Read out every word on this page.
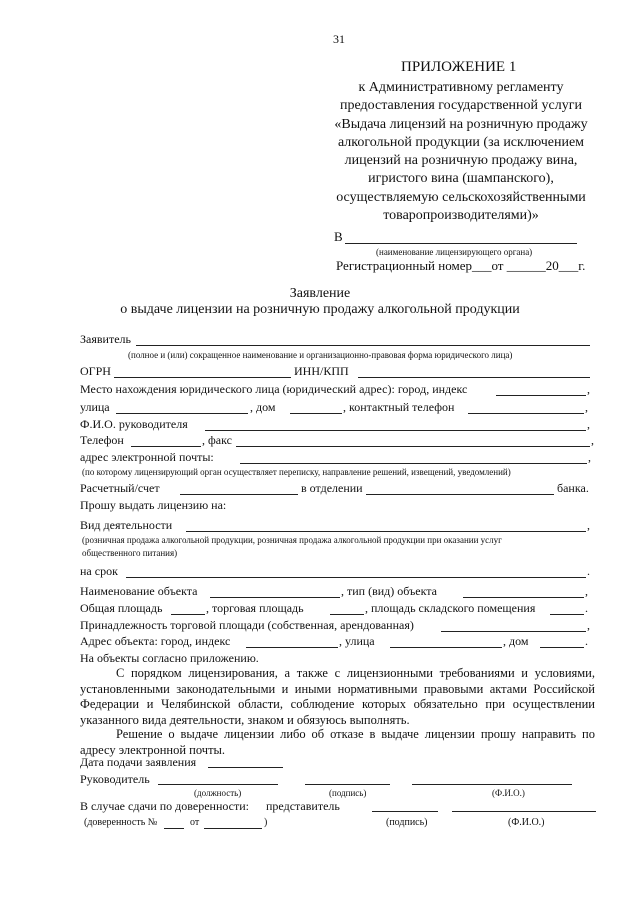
31
ПРИЛОЖЕНИЕ 1
к Административному регламенту
предоставления государственной услуги
«Выдача лицензий на розничную продажу
алкогольной продукции (за исключением
лицензий на розничную продажу вина,
игристого вина (шампанского),
осуществляемую сельскохозяйственными
товаропроизводителями)»
В
(наименование лицензирующего органа)
Регистрационный номер___от ______20___г.
Заявление
о выдаче лицензии на розничную продажу алкогольной продукции
Заявитель
(полное и (или) сокращенное наименование и организационно-правовая форма юридического лица)
ОГРН	ИНН/КПП
Место нахождения юридического лица (юридический адрес): город, индекс	,
улица	, дом	, контактный телефон	,
Ф.И.О. руководителя	,
Телефон	, факс	,
адрес электронной почты:	,
(по которому лицензирующий орган осуществляет переписку, направление решений, извещений, уведомлений)
Расчетный/счет	в отделении	банка.
Прошу выдать лицензию на:
Вид деятельности	,
(розничная продажа алкогольной продукции, розничная продажа алкогольной продукции при оказании услуг
общественного питания)
на срок	.
Наименование объекта	, тип (вид) объекта	,
Общая площадь	, торговая площадь	, площадь складского помещения	.
Принадлежность торговой площади (собственная, арендованная)	,
Адрес объекта: город, индекс	, улица	, дом	.
На объекты согласно приложению.
С порядком лицензирования, а также с лицензионными требованиями и условиями, установленными законодательными и иными нормативными правовыми актами Российской Федерации и Челябинской области, соблюдение которых обязательно при осуществлении указанного вида деятельности, знаком и обязуюсь выполнять.
Решение о выдаче лицензии либо об отказе в выдаче лицензии прошу направить по адресу электронной почты.
Дата подачи заявления
Руководитель
(должность)	(подпись)	(Ф.И.О.)
В случае сдачи по доверенности: представитель
(доверенность №	от	)	(подпись)	(Ф.И.О.)
